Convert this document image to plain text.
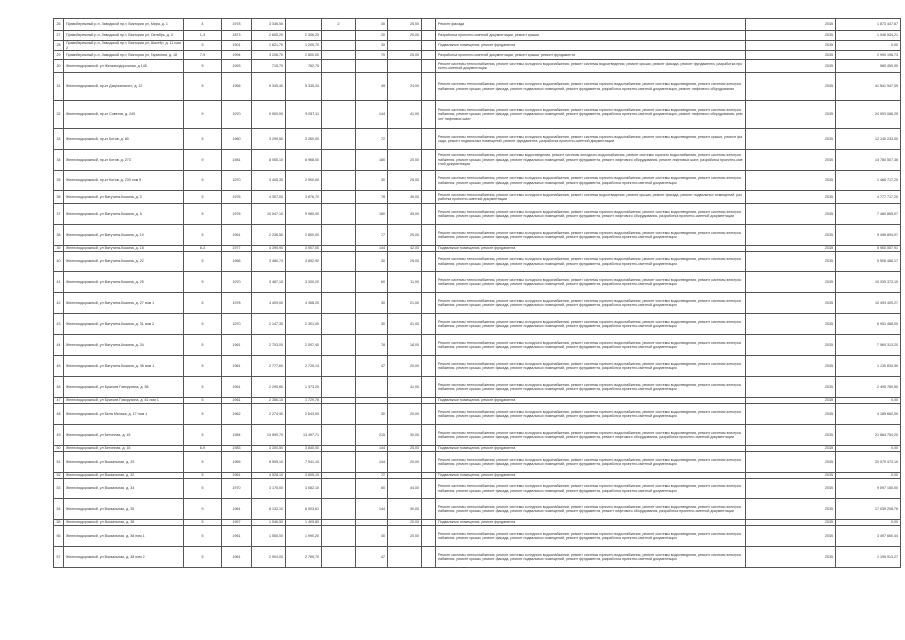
26	Правобережный р-н, Заводской пр-т, Виктория ул, Мира, д. 1	4	1978	3 346,50		2	30	25,00		Ремонт фасада	2035	1 873 447,67
27	Правобережный р-н, Заводской пр-т, Виктория ул, Октябрь, д. 3	1-3	1873	2 605,20	2 306,20		20	20,00		Разработка проектно-сметной документации, ремонт крыши	2035	1 046 534,21
28	Правобережный р-н, Заводской пр-т, Виктория ул, Шахтёр, д. 11 пом 2	5	1901	1 621,70	1 205,70		30			Подвальные помещения, ремонт фундамента	2035	0,00
29	Правобережный р-н, Заводской пр-т, Виктория ул, Гармония, д. 18	7-9	1994	3 208,70	2 800,00		70	25,00		Разработка проектно-сметной документации, ремонт крыши, ремонт фундамента	2035	2 990 196,73
30	Железнодорожный, ул Железнодорожная, д 145	5	1993	715,70	762,70					Ремонт системы теплоснабжения, ремонт системы холодного водоснабжения, ремонт системы водоотведения, ремонт крыши, ремонт фасада, ремонт фундамента, разработка проектно-сметной документации	2035	980 450,00
31	Железнодорожный, пр-кт Дзержинского, д. 12	5	1956	5 345,40	5 335,34		49	24,00		Ремонт системы теплоснабжения, ремонт системы холодного водоснабжения, ремонт системы горячего водоснабжения, ремонт системы водоотведения, ремонт системы электроснабжения, ремонт крыши, ремонт фасада, ремонт подвальных помещений, ремонт фундамента, разработка проектно-сметной документации, ремонт лифтового оборудования	2035	41 541 947,09
32	Железнодорожный, пр-кт Советов, д. 240	9	1970	9 900,00	9 057,11		144	41,00		Ремонт системы теплоснабжения, ремонт системы холодного водоснабжения, ремонт системы горячего водоснабжения, ремонт системы водоотведения, ремонт системы электроснабжения, ремонт крыши, ремонт фасада, ремонт подвальных помещений, ремонт фундамента, разработка проектно-сметной документации, ремонт лифтового оборудования, ремонт лифтовых шахт	2035	24 993 066,25
33	Железнодорожный, пр-кт Котов, д. 80	5	1960	3 290,50	3 260,00		72			Ремонт системы теплоснабжения, ремонт системы холодного водоснабжения, ремонт системы горячего водоснабжения, ремонт системы водоотведения, ремонт крыши, ремонт фасада, ремонт подвальных помещений, ремонт фундамента, разработка проектно-сметной документации	2035	12 140 233,00
34	Железнодорожный, пр-кт Котов, д. 273	9	1981	8 055,10	6 968,00		180	20,00		Ремонт системы теплоснабжения, ремонт системы водоотведения, ремонт системы холодного водоснабжения, ремонт системы горячего водоснабжения, ремонт системы электроснабжения, ремонт крыши, ремонт фасада, ремонт подвальных помещений, ремонт фундамента, ремонт лифтового оборудования, ремонт лифтовых шахт, разработка проектно-сметной документации	2035	14 780 507,36
35	Железнодорожный, пр-кт Котов, д. 239 пом 5	5	1970	3 405,30	2 900,00		30	25,00		Ремонт системы теплоснабжения, ремонт системы холодного водоснабжения, ремонт системы горячего водоснабжения, ремонт системы водоотведения, ремонт системы электроснабжения, ремонт крыши, ремонт фасада, ремонт подвальных помещений, ремонт фундамента, разработка проектно-сметной документации	2035	1 466 717,20
36	Железнодорожный, ул Ватутина-Кожина, д. 3	5	1976	4 307,00	3 876,70		78	49,00		Ремонт системы теплоснабжения, ремонт системы холодного водоснабжения, ремонт системы водоотведения, ремонт крыши, ремонт фасада, ремонт подвальных помещений, разработка проектно-сметной документации	2035	4 777 717,20
37	Железнодорожный, ул Ватутина-Кожина, д. 5	5	1976	10 047,10	9 980,00		180	45,00		Ремонт системы теплоснабжения, ремонт системы холодного водоснабжения, ремонт системы горячего водоснабжения, ремонт системы водоотведения, ремонт системы электроснабжения, ремонт крыши, ремонт фасада, ремонт подвальных помещений, ремонт фундамента, ремонт лифтового оборудования, разработка проектно-сметной документации	2035	7 480 865,07
38	Железнодорожный, ул Ватутина-Кожина, д. 10	5	1961	2 236,50	2 800,00		77	25,00		Ремонт системы теплоснабжения, ремонт системы холодного водоснабжения, ремонт системы горячего водоснабжения, ремонт системы водоотведения, ремонт системы электроснабжения, ремонт крыши, ремонт фасада, ремонт подвальных помещений, ремонт фундамента, разработка проектно-сметной документации	2035	9 496 894,07
39	Железнодорожный, ул Ватутина-Кожина, д. 18	6-3	1977	4 395,90	3 907,00		144	42,00		Подвальные помещения, ремонт фундамента	2035	5 960 557,91
40	Железнодорожный, ул Ватутина-Кожина, д. 22	5	1966	3 480,74	3 852,00		30	25,00		Ремонт системы теплоснабжения, ремонт системы холодного водоснабжения, ремонт системы горячего водоснабжения, ремонт системы водоотведения, ремонт системы электроснабжения, ремонт крыши, ремонт фасада, ремонт подвальных помещений, ремонт фундамента, разработка проектно-сметной документации	2035	5 506 486,17
41	Железнодорожный, ул Ватутина-Кожина, д. 25	5	1970	3 487,15	3 330,20		60	11,00		Ремонт системы теплоснабжения, ремонт системы холодного водоснабжения, ремонт системы горячего водоснабжения, ремонт системы водоотведения, ремонт системы электроснабжения, ремонт крыши, ремонт фасада, ремонт подвальных помещений, ремонт фундамента, разработка проектно-сметной документации	2035	10 339 373,10
42	Железнодорожный, ул Ватутина-Кожина, д. 27 пом 1	5	1978	4 409,00	4 358,20		30	21,00		Ремонт системы теплоснабжения, ремонт системы холодного водоснабжения, ремонт системы горячего водоснабжения, ремонт системы водоотведения, ремонт системы электроснабжения, ремонт крыши, ремонт фасада, ремонт подвальных помещений, ремонт фундамента, разработка проектно-сметной документации	2035	10 493 400,27
43	Железнодорожный, ул Ватутина-Кожина, д. 31 пом 2	5	1970	2 147,30	2 301,00		30	41,00		Ремонт системы теплоснабжения, ремонт системы холодного водоснабжения, ремонт системы горячего водоснабжения, ремонт системы водоотведения, ремонт системы электроснабжения, ремонт крыши, ремонт фасада, ремонт подвальных помещений, ремонт фундамента, разработка проектно-сметной документации	2035	6 951 468,00
44	Железнодорожный, ул Ватутина-Кожина, д. 34	5	1961	2 703,00	2 507,40		78	18,00		Ремонт системы теплоснабжения, ремонт системы холодного водоснабжения, ремонт системы горячего водоснабжения, ремонт системы водоотведения, ремонт системы электроснабжения, ремонт крыши, ремонт фасада, ремонт подвальных помещений, ремонт фундамента, разработка проектно-сметной документации	2035	7 960 313,20
45	Железнодорожный, ул Ватутина-Кожина, д. 36 пом 1	5	1961	2 777,60	2 725,14		47	20,00		Ремонт системы теплоснабжения, ремонт системы холодного водоснабжения, ремонт системы горячего водоснабжения, ремонт системы водоотведения, ремонт системы электроснабжения, ремонт крыши, ремонт фасада, ремонт подвальных помещений, ремонт фундамента, разработка проектно-сметной документации	2035	1 130 830,50
46	Железнодорожный, ул Братьев Говорухина, д. 58	5	1961	2 295,80	1 373,20			41,00		Ремонт системы теплоснабжения, ремонт системы холодного водоснабжения, ремонт системы горячего водоснабжения, ремонт системы водоотведения, ремонт системы электроснабжения, ремонт крыши, ремонт фасада, ремонт подвальных помещений, ремонт фундамента, разработка проектно-сметной документации	2035	2 495 760,50
47	Железнодорожный, ул Братьев Говорухина, д. 61 пом 1	5	1961	2 356,10	1 729,76					Подвальные помещения, ремонт фундамента	2035	0,00
48	Железнодорожный, ул Бела Мелика, д. 17 пом 1	5	1962	2 274,40	2 643,00		30	20,00		Ремонт системы теплоснабжения, ремонт системы холодного водоснабжения, ремонт системы горячего водоснабжения, ремонт системы водоотведения, ремонт системы электроснабжения, ремонт крыши, ремонт фасада, ремонт подвальных помещений, ремонт фундамента, разработка проектно-сметной документации	2035	4 185 662,00
49	Железнодорожный, ул Бетонная, д. 15	5	1984	13 590,70	13 497,71		215	30,00		Ремонт системы теплоснабжения, ремонт системы холодного водоснабжения, ремонт системы горячего водоснабжения, ремонт системы водоотведения, ремонт системы электроснабжения, ремонт крыши, ремонт фасада, ремонт подвальных помещений, ремонт фундамента, ремонт лифтового оборудования, разработка проектно-сметной документации	2035	21 684 754,20
50	Железнодорожный, ул Бетонная, д. 16	6-9	1983	3 300,50	3 840,00		144	25,00		Подвальные помещения, ремонт фундамента	2035	0,00
51	Железнодорожный, ул Вокзальная, д. 29	5	1965	8 595,10	7 941,10		144	20,00		Ремонт системы теплоснабжения, ремонт системы холодного водоснабжения, ремонт системы горячего водоснабжения, ремонт системы водоотведения, ремонт системы электроснабжения, ремонт крыши, ремонт фасада, ремонт подвальных помещений, ремонт фундамента, разработка проектно-сметной документации	2035	20 070 373,10
52	Железнодорожный, ул Вокзальная, д. 32	5	1961	4 528,10	3 605,10		72			Подвальные помещения, ремонт фундамента	2035	0,00
53	Железнодорожный, ул Вокзальная, д. 34	5	1970	3 175,00	3 082,10		60	44,00		Ремонт системы теплоснабжения, ремонт системы холодного водоснабжения, ремонт системы горячего водоснабжения, ремонт системы водоотведения, ремонт системы электроснабжения, ремонт крыши, ремонт фасада, ремонт подвальных помещений, ремонт фундамента, разработка проектно-сметной документации	2035	9 597 150,00
54	Железнодорожный, ул Вокзальная, д. 35	9	1981	8 132,10	6 003,61		144	30,00		Ремонт системы теплоснабжения, ремонт системы холодного водоснабжения, ремонт системы горячего водоснабжения, ремонт системы водоотведения, ремонт системы электроснабжения, ремонт крыши, ремонт фасада, ремонт подвальных помещений, ремонт фундамента, ремонт лифтового оборудования, разработка проектно-сметной документации	2035	17 039 208,76
55	Железнодорожный, ул Вокзальная, д. 38	5	1957	1 546,50	1 405,80			20,00		Подвальные помещения, ремонт фундамента	2035	0,00
56	Железнодорожный, ул Вокзальная, д. 38 пом 1	5	1961	1 550,00	1 990,20		30	20,00		Ремонт системы теплоснабжения, ремонт системы холодного водоснабжения, ремонт системы горячего водоснабжения, ремонт системы водоотведения, ремонт системы электроснабжения, ремонт крыши, ремонт фасада, ремонт подвальных помещений, ремонт фундамента, разработка проектно-сметной документации	2035	3 497 660,44
57	Железнодорожный, ул Вокзальная, д. 38 пом 2	5	1961	2 904,00	2 765,70		47			Ремонт системы теплоснабжения, ремонт системы холодного водоснабжения, ремонт системы горячего водоснабжения, ремонт системы водоотведения, ремонт системы электроснабжения, ремонт крыши, ремонт фасада, ремонт подвальных помещений, ремонт фундамента, разработка проектно-сметной документации	2035	1 195 913,27
